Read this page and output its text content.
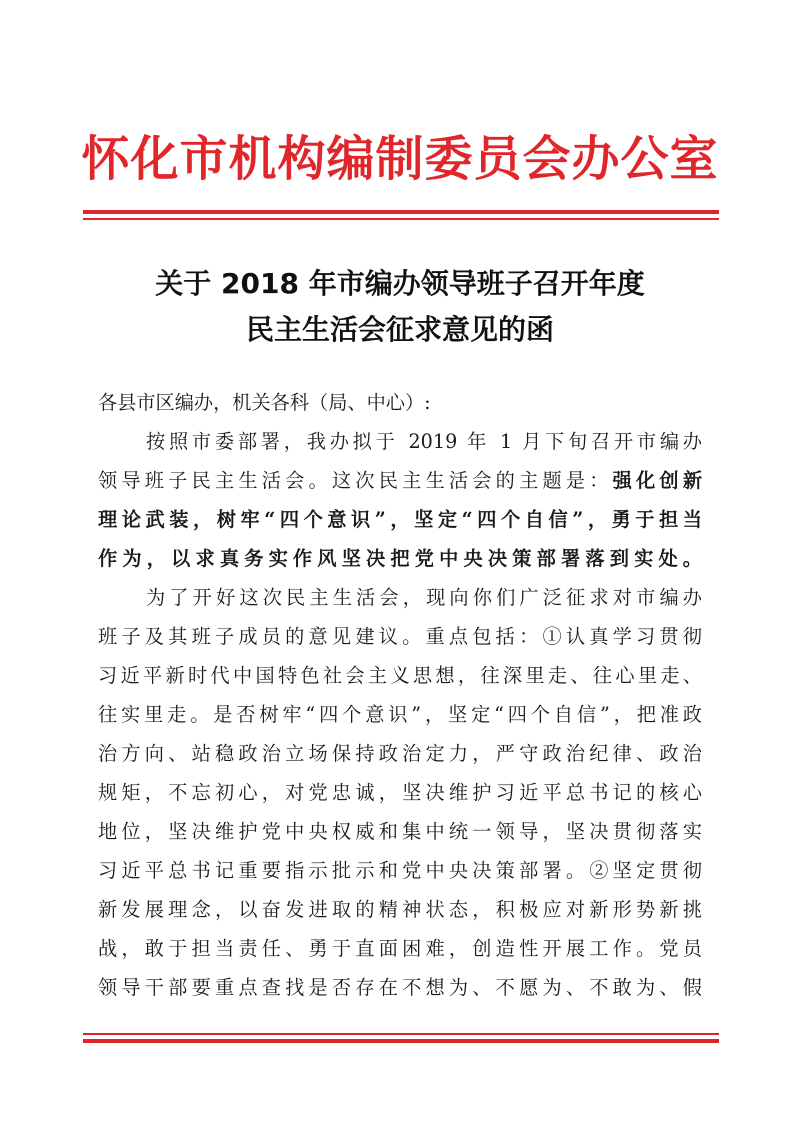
怀化市机构编制委员会办公室
关于 2018 年市编办领导班子召开年度
民主生活会征求意见的函
各县市区编办，机关各科（局、中心）:
按照市委部署，我办拟于 2019 年 1 月下旬召开市编办
领导班子民主生活会。这次民主生活会的主题是：强化创新
理论武装，树牢“四个意识”，坚定“四个自信”，勇于担当
作为，以求真务实作风坚决把党中央决策部署落到实处。
为了开好这次民主生活会，现向你们广泛征求对市编办
班子及其班子成员的意见建议。重点包括：①认真学习贯彻
习近平新时代中国特色社会主义思想，往深里走、往心里走、
往实里走。是否树牢“四个意识”，坚定“四个自信”，把准政
治方向、站稳政治立场保持政治定力，严守政治纪律、政治
规矩，不忘初心，对党忠诚，坚决维护习近平总书记的核心
地位，坚决维护党中央权威和集中统一领导，坚决贯彻落实
习近平总书记重要指示批示和党中央决策部署。②坚定贯彻
新发展理念，以奋发进取的精神状态，积极应对新形势新挑
战，敢于担当责任、勇于直面困难，创造性开展工作。党员
领导干部要重点查找是否存在不想为、不愿为、不敢为、假
